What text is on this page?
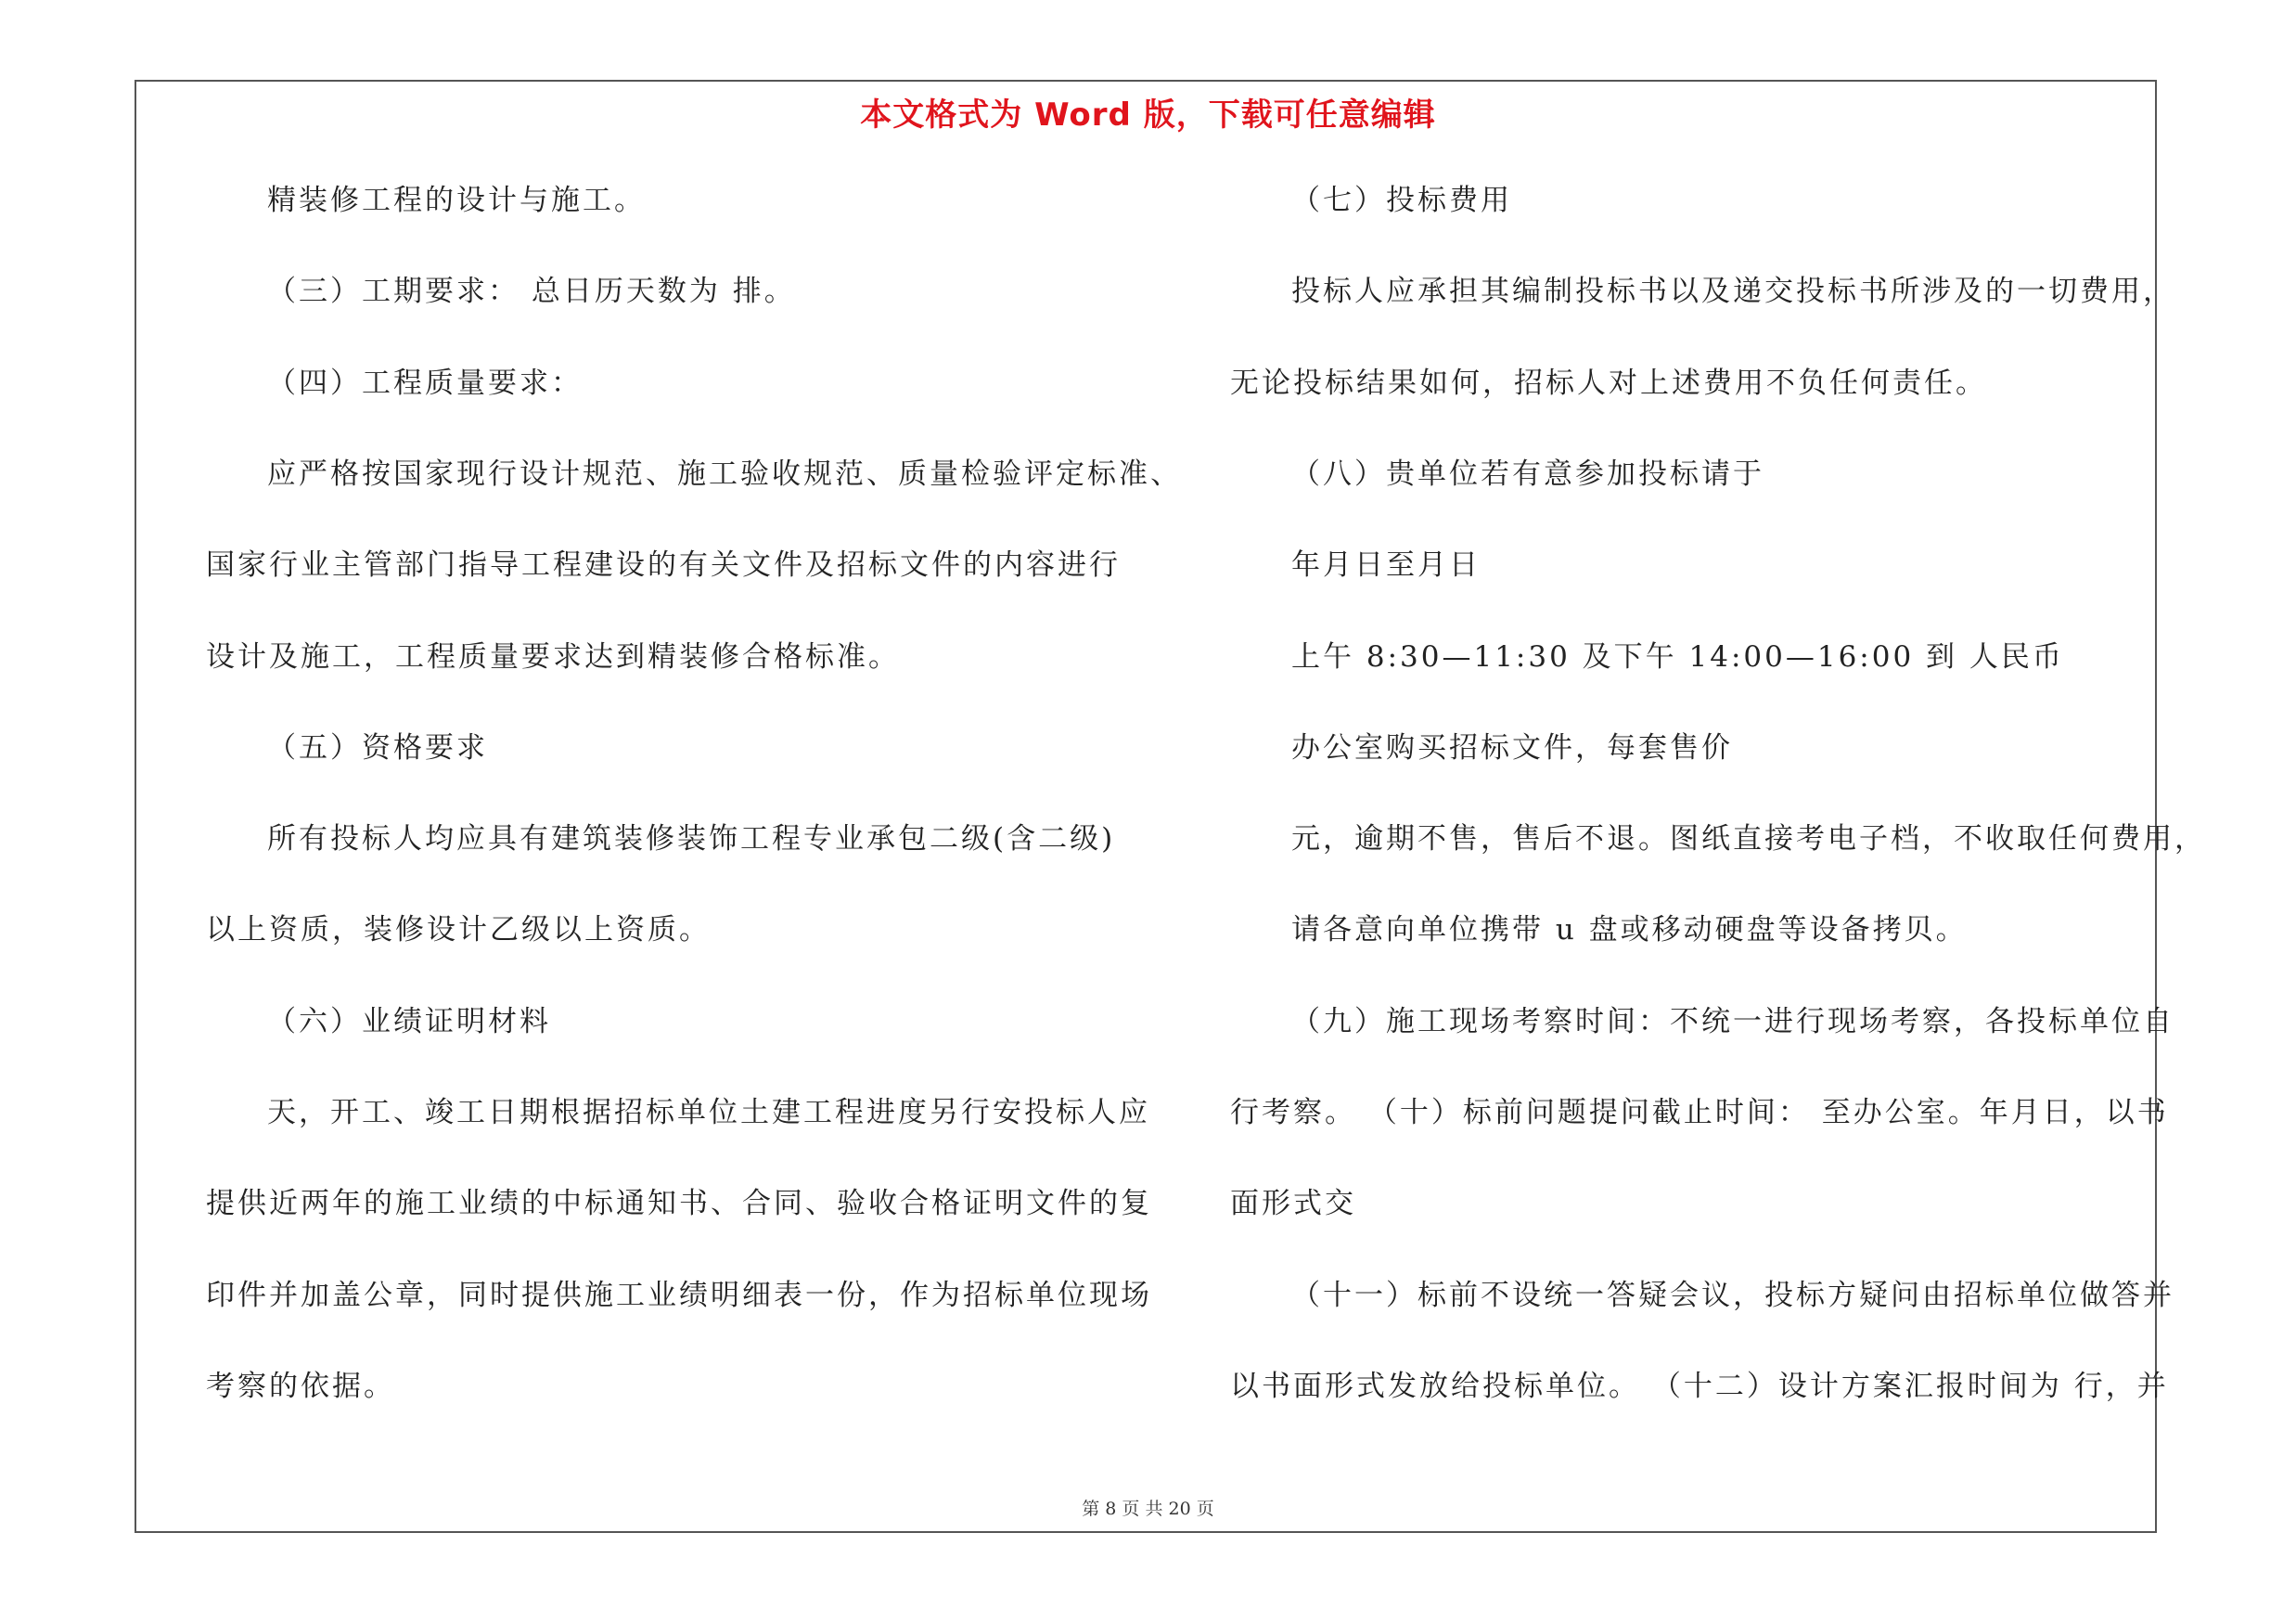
本文格式为 Word 版，下载可任意编辑
精装修工程的设计与施工。
（三）工期要求： 总日历天数为 排。
（四）工程质量要求：
应严格按国家现行设计规范、施工验收规范、质量检验评定标准、
国家行业主管部门指导工程建设的有关文件及招标文件的内容进行
设计及施工，工程质量要求达到精装修合格标准。
（五）资格要求
所有投标人均应具有建筑装修装饰工程专业承包二级(含二级)
以上资质，装修设计乙级以上资质。
（六）业绩证明材料
天，开工、竣工日期根据招标单位土建工程进度另行安投标人应
提供近两年的施工业绩的中标通知书、合同、验收合格证明文件的复
印件并加盖公章，同时提供施工业绩明细表一份，作为招标单位现场
考察的依据。
（七）投标费用
投标人应承担其编制投标书以及递交投标书所涉及的一切费用，
无论投标结果如何，招标人对上述费用不负任何责任。
（八）贵单位若有意参加投标请于
年月日至月日
上午 8:30—11:30 及下午 14:00—16:00 到 人民币
办公室购买招标文件，每套售价
元，逾期不售，售后不退。图纸直接考电子档，不收取任何费用，
请各意向单位携带 u 盘或移动硬盘等设备拷贝。
（九）施工现场考察时间：不统一进行现场考察，各投标单位自
行考察。 （十）标前问题提问截止时间： 至办公室。年月日，以书
面形式交
（十一）标前不设统一答疑会议，投标方疑问由招标单位做答并
以书面形式发放给投标单位。 （十二）设计方案汇报时间为 行，并
第 8 页 共 20 页
